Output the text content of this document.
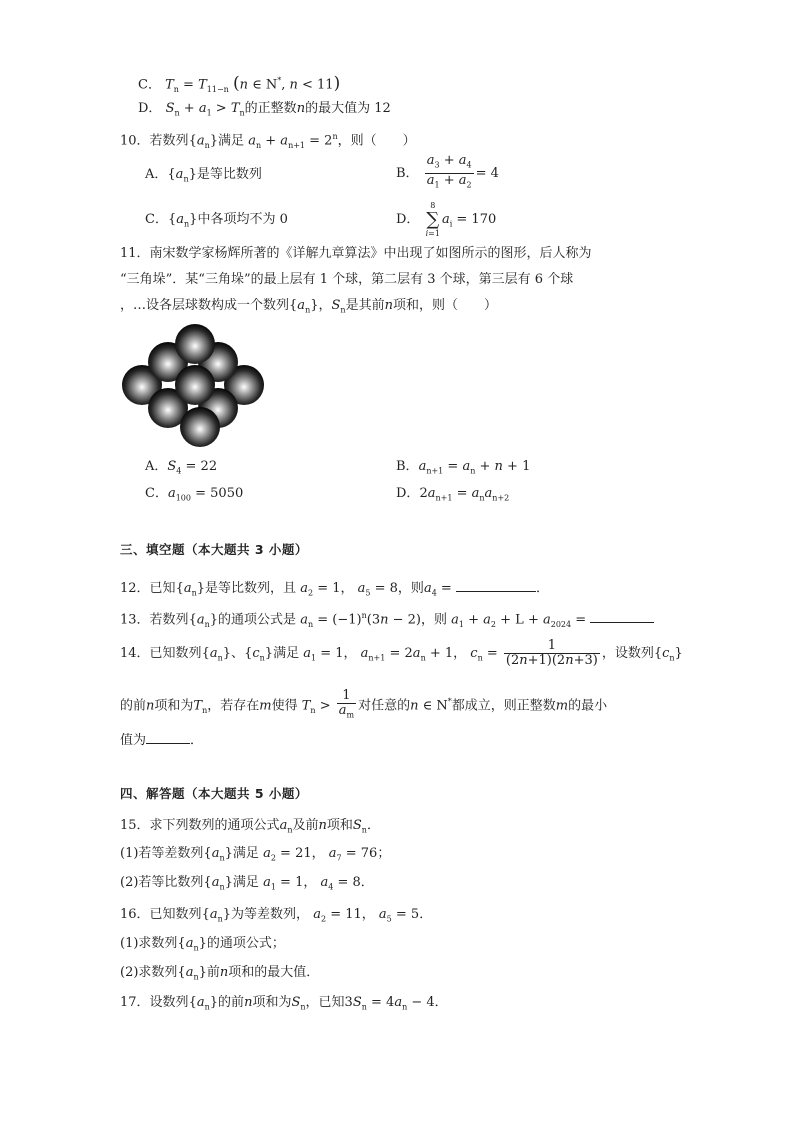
C． $T_n = T_{11-n}$ (n ∈ N*, n < 11)
D． $S_n + a_1 > T_n$的正整数n的最大值为 12
10．若数列$\{a_n\}$满足 $a_n + a_{n+1} = 2^n$，则（　　）
A．$\{a_n\}$是等比数列	B． $\frac{a_3 + a_4}{a_1 + a_2} = 4$
C．$\{a_n\}$中各项均不为 0	D．
8
∑
i=1
$a_i = 170$
11．南宋数学家杨辉所著的《详解九章算法》中出现了如图所示的图形，后人称为
“三角垛”．某“三角垛”的最上层有 1 个球，第二层有 3 个球，第三层有 6 个球
，…设各层球数构成一个数列$\{a_n\}$，$S_n$是其前n项和，则（　　）
A．$S_4 = 22$	B．$a_{n+1} = a_n + n + 1$
C．$a_{100} = 5050$	D．$2a_{n+1} = a_na_{n+2}$
三、填空题（本大题共 3 小题）
12．已知$\{a_n\}$是等比数列，且 $a_2 = 1$， $a_5 = 8$，则$a_4$ =	．
13．若数列$\{a_n\}$的通项公式是 $a_n = (-1)^n(3n - 2)$，则 $a_1 + a_2 + L + a_{2024}$ =
14．已知数列$\{a_n\}$、$\{c_n\}$满足 $a_1 = 1$， $a_{n+1} = 2a_n + 1$， $c_n = \frac{1}{(2n+1)(2n+3)}$ ，设数列$\{c_n\}$
的前n项和为$T_n$，若存在m使得 $T_n > \frac{1}{a_m}$ 对任意的n ∈ N*都成立，则正整数m的最小
值为	．
四、解答题（本大题共 5 小题）
15．求下列数列的通项公式$a_n$及前n项和$S_n$．
(1)若等差数列$\{a_n\}$满足 $a_2 = 21$， $a_7 = 76$；
(2)若等比数列$\{a_n\}$满足 $a_1 = 1$， $a_4 = 8$．
16．已知数列$\{a_n\}$为等差数列， $a_2 = 11$， $a_5 = 5$．
(1)求数列$\{a_n\}$的通项公式；
(2)求数列$\{a_n\}$前n项和的最大值．
17．设数列$\{a_n\}$的前n项和为$S_n$，已知$3S_n = 4a_n - 4$．
